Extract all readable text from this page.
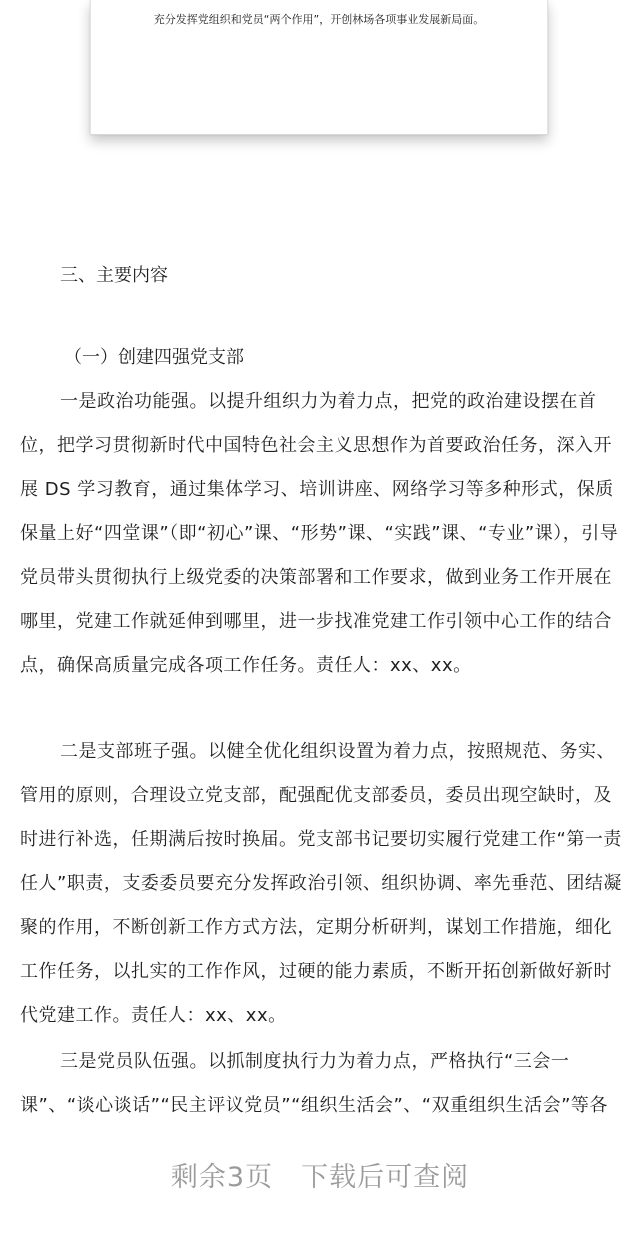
充分发挥党组织和党员“两个作用”，开创林场各项事业发展新局面。
三、主要内容
（一）创建四强党支部

一是政治功能强。以提升组织力为着力点，把党的政治建设摆在首位，把学习贯彻新时代中国特色社会主义思想作为首要政治任务，深入开展 DS 学习教育，通过集体学习、培训讲座、网络学习等多种形式，保质保量上好“四堂课”（即“初心”课、“形势”课、“实践”课、“专业”课），引导党员带头贯彻执行上级党委的决策部署和工作要求，做到业务工作开展在哪里，党建工作就延伸到哪里，进一步找准党建工作引领中心工作的结合点，确保高质量完成各项工作任务。责任人：xx、xx。

二是支部班子强。以健全优化组织设置为着力点，按照规范、务实、管用的原则，合理设立党支部，配强配优支部委员，委员出现空缺时，及时进行补选，任期满后按时换届。党支部书记要切实履行党建工作“第一责任人”职责，支委委员要充分发挥政治引领、组织协调、率先垂范、团结凝聚的作用，不断创新工作方式方法，定期分析研判，谋划工作措施，细化工作任务，以扎实的工作作风，过硬的能力素质，不断开拓创新做好新时代党建工作。责任人：xx、xx。

三是党员队伍强。以抓制度执行力为着力点，严格执行“三会一课”、“谈心谈话”“民主评议党员”“组织生活会”、“双重组织生活会”等各

剩余3页 下载后可查阅
